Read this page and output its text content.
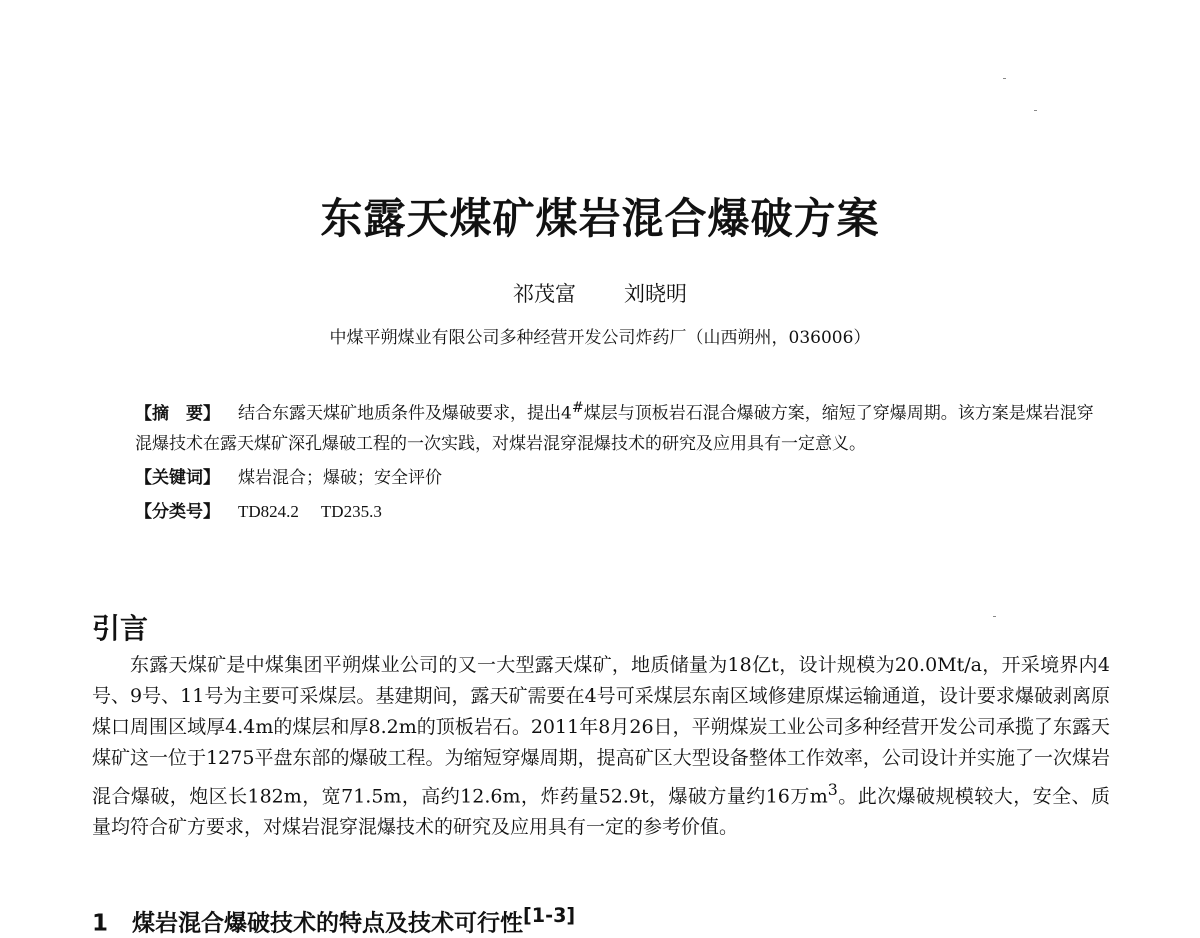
东露天煤矿煤岩混合爆破方案
祁茂富 刘晓明
中煤平朔煤业有限公司多种经营开发公司炸药厂（山西朔州，036006）
【摘　要】 结合东露天煤矿地质条件及爆破要求，提出4#煤层与顶板岩石混合爆破方案，缩短了穿爆周期。该方案是煤岩混穿混爆技术在露天煤矿深孔爆破工程的一次实践，对煤岩混穿混爆技术的研究及应用具有一定意义。
【关键词】 煤岩混合；爆破；安全评价
【分类号】 TD824.2 TD235.3
引言
东露天煤矿是中煤集团平朔煤业公司的又一大型露天煤矿，地质储量为18亿t，设计规模为20.0Mt/a，开采境界内4号、9号、11号为主要可采煤层。基建期间，露天矿需要在4号可采煤层东南区域修建原煤运输通道，设计要求爆破剥离原煤口周围区域厚4.4m的煤层和厚8.2m的顶板岩石。2011年8月26日，平朔煤炭工业公司多种经营开发公司承揽了东露天煤矿这一位于1275平盘东部的爆破工程。为缩短穿爆周期，提高矿区大型设备整体工作效率，公司设计并实施了一次煤岩混合爆破，炮区长182m，宽71.5m，高约12.6m，炸药量52.9t，爆破方量约16万$m^3$。此次爆破规模较大，安全、质量均符合矿方要求，对煤岩混穿混爆技术的研究及应用具有一定的参考价值。
1 煤岩混合爆破技术的特点及技术可行性[1-3]
